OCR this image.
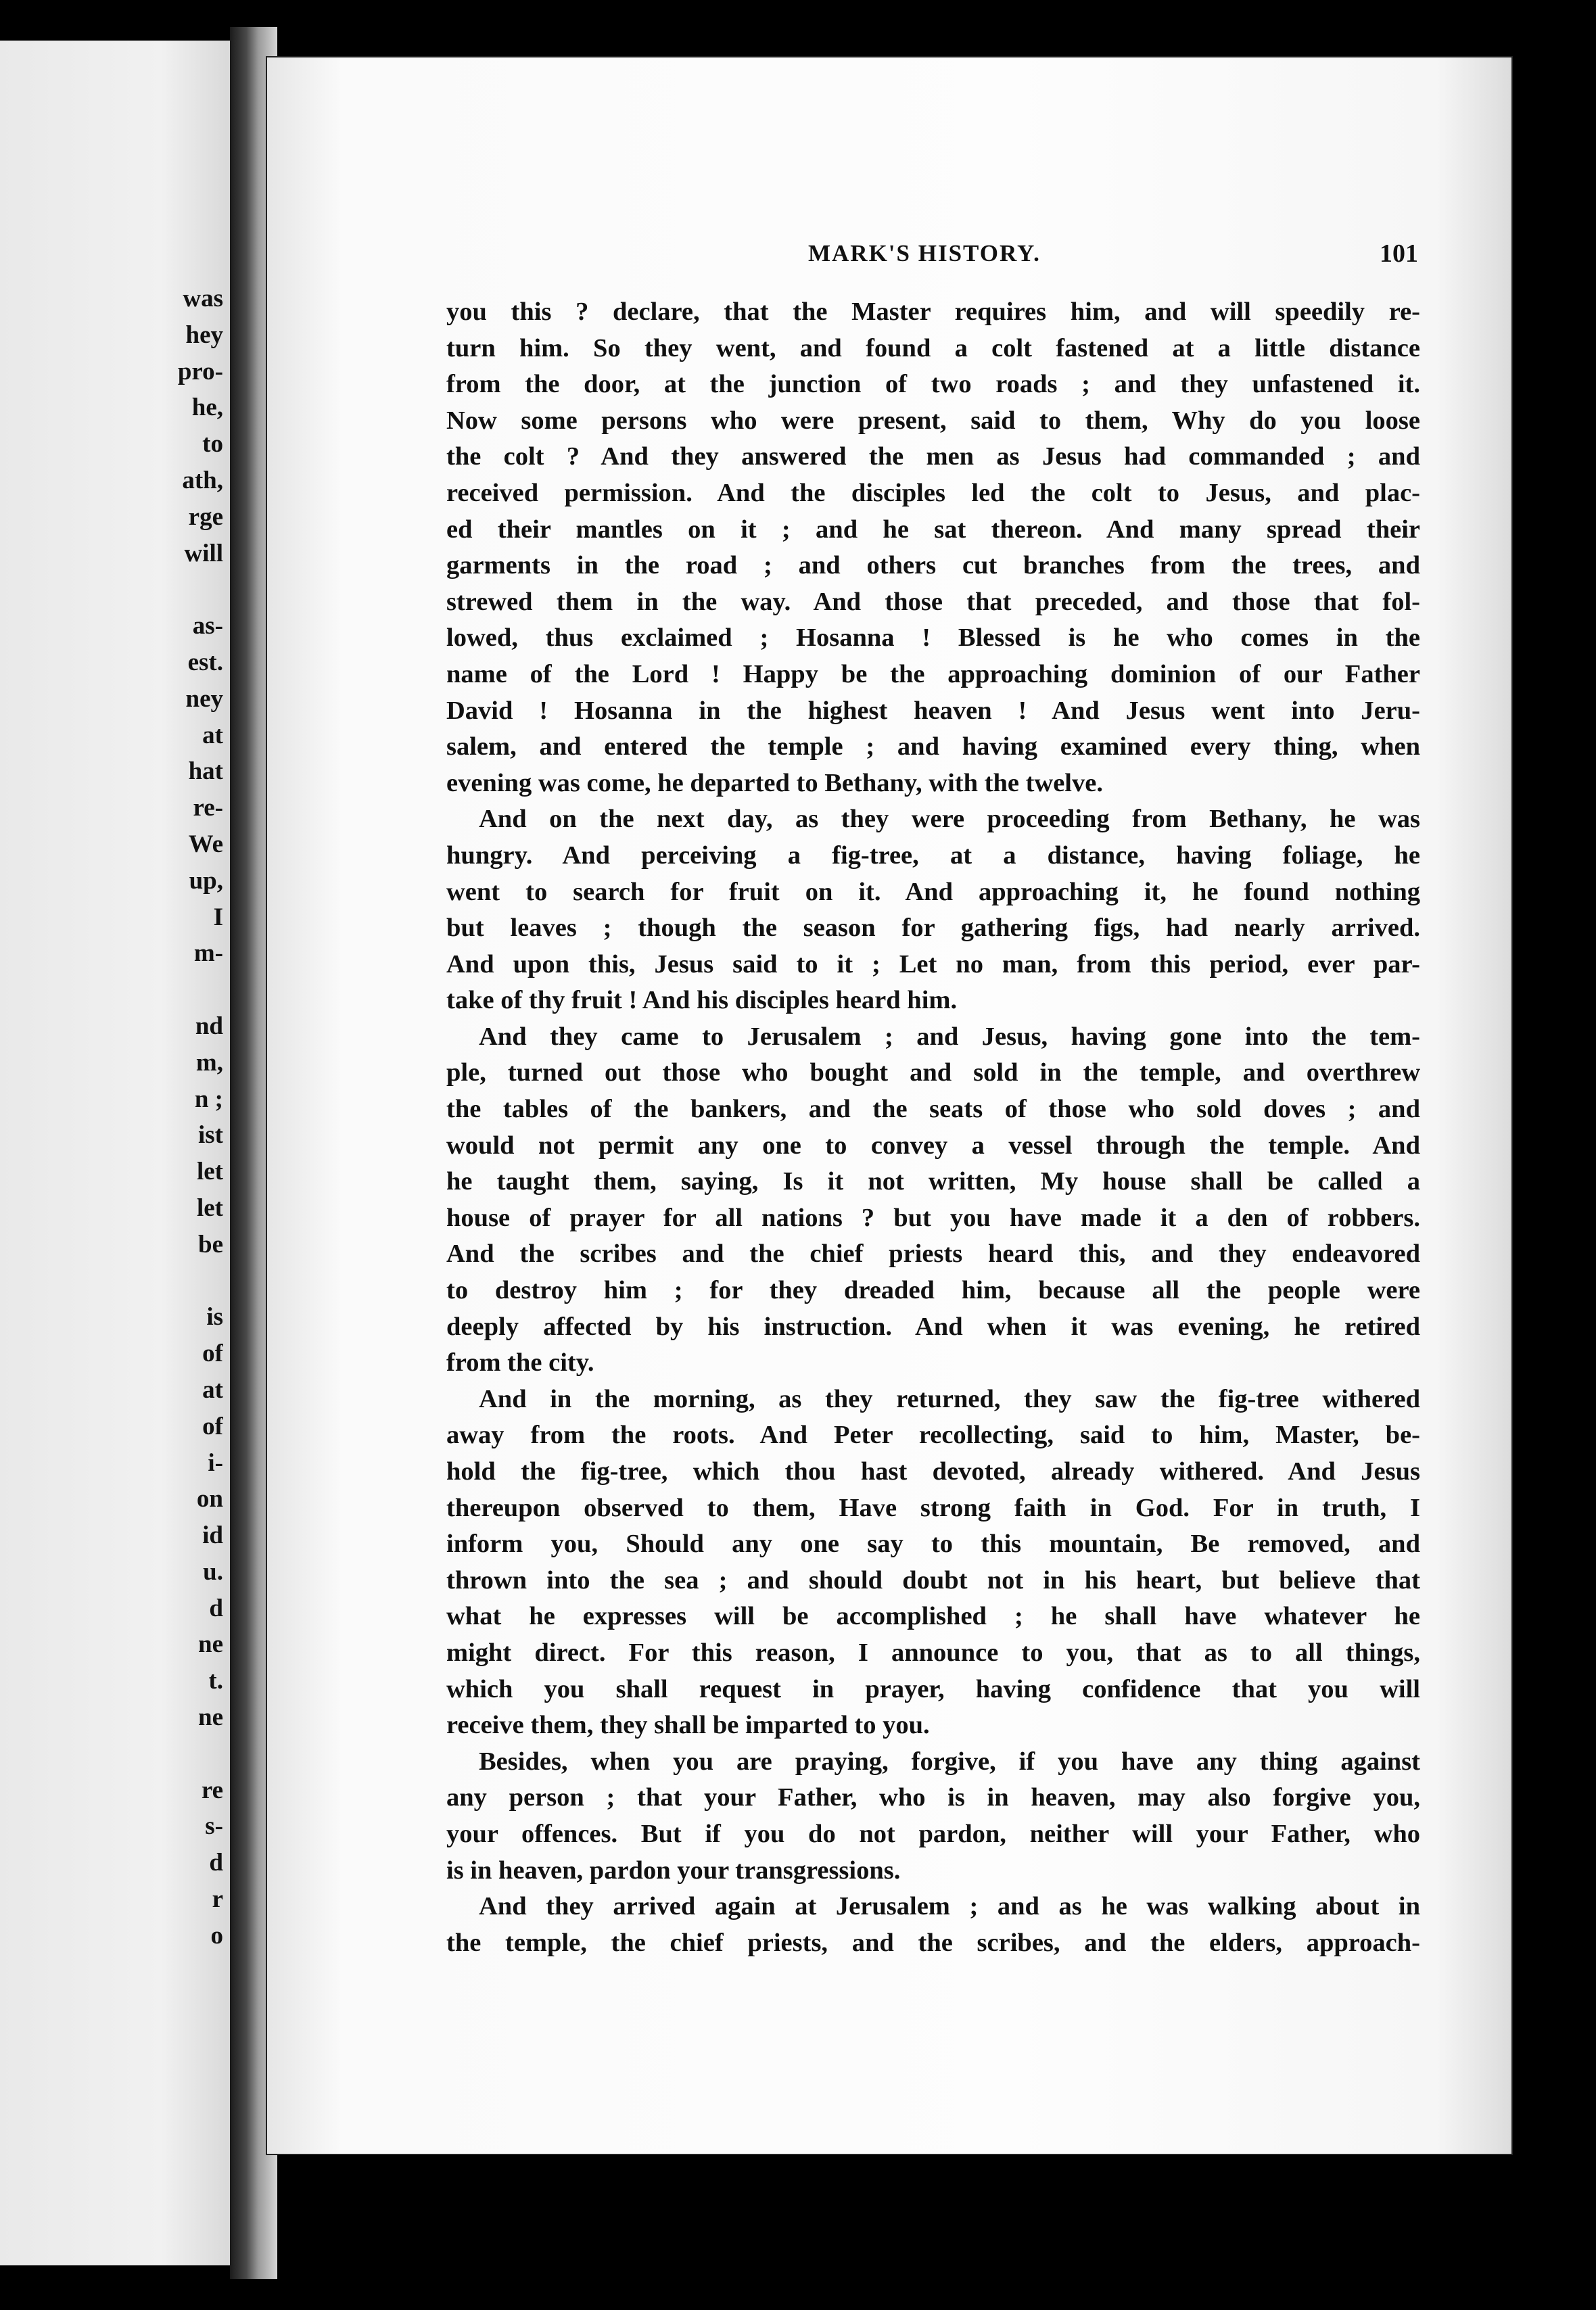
was
hey
pro-
he,
to
ath,
rge
will
as-
est.
ney
at
hat
re-
We
up,
I
m-
nd
m,
n ;
ist
let
let
be
is
of
at
of
i-
on
id
u.
d
ne
t.
ne
re
s-
d
r
o
MARK'S HISTORY.	101
you this ? declare, that the Master requires him, and will speedily re-
turn him. So they went, and found a colt fastened at a little distance
from the door, at the junction of two roads ; and they unfastened it.
Now some persons who were present, said to them, Why do you loose
the colt ? And they answered the men as Jesus had commanded ; and
received permission. And the disciples led the colt to Jesus, and plac-
ed their mantles on it ; and he sat thereon. And many spread their
garments in the road ; and others cut branches from the trees, and
strewed them in the way. And those that preceded, and those that fol-
lowed, thus exclaimed ; Hosanna ! Blessed is he who comes in the
name of the Lord ! Happy be the approaching dominion of our Father
David ! Hosanna in the highest heaven ! And Jesus went into Jeru-
salem, and entered the temple ; and having examined every thing, when
evening was come, he departed to Bethany, with the twelve.
And on the next day, as they were proceeding from Bethany, he was
hungry. And perceiving a fig-tree, at a distance, having foliage, he
went to search for fruit on it. And approaching it, he found nothing
but leaves ; though the season for gathering figs, had nearly arrived.
And upon this, Jesus said to it ; Let no man, from this period, ever par-
take of thy fruit ! And his disciples heard him.
And they came to Jerusalem ; and Jesus, having gone into the tem-
ple, turned out those who bought and sold in the temple, and overthrew
the tables of the bankers, and the seats of those who sold doves ; and
would not permit any one to convey a vessel through the temple. And
he taught them, saying, Is it not written, My house shall be called a
house of prayer for all nations ? but you have made it a den of robbers.
And the scribes and the chief priests heard this, and they endeavored
to destroy him ; for they dreaded him, because all the people were
deeply affected by his instruction. And when it was evening, he retired
from the city.
And in the morning, as they returned, they saw the fig-tree withered
away from the roots. And Peter recollecting, said to him, Master, be-
hold the fig-tree, which thou hast devoted, already withered. And Jesus
thereupon observed to them, Have strong faith in God. For in truth, I
inform you, Should any one say to this mountain, Be removed, and
thrown into the sea ; and should doubt not in his heart, but believe that
what he expresses will be accomplished ; he shall have whatever he
might direct. For this reason, I announce to you, that as to all things,
which you shall request in prayer, having confidence that you will
receive them, they shall be imparted to you.
Besides, when you are praying, forgive, if you have any thing against
any person ; that your Father, who is in heaven, may also forgive you,
your offences. But if you do not pardon, neither will your Father, who
is in heaven, pardon your transgressions.
And they arrived again at Jerusalem ; and as he was walking about in
the temple, the chief priests, and the scribes, and the elders, approach-
